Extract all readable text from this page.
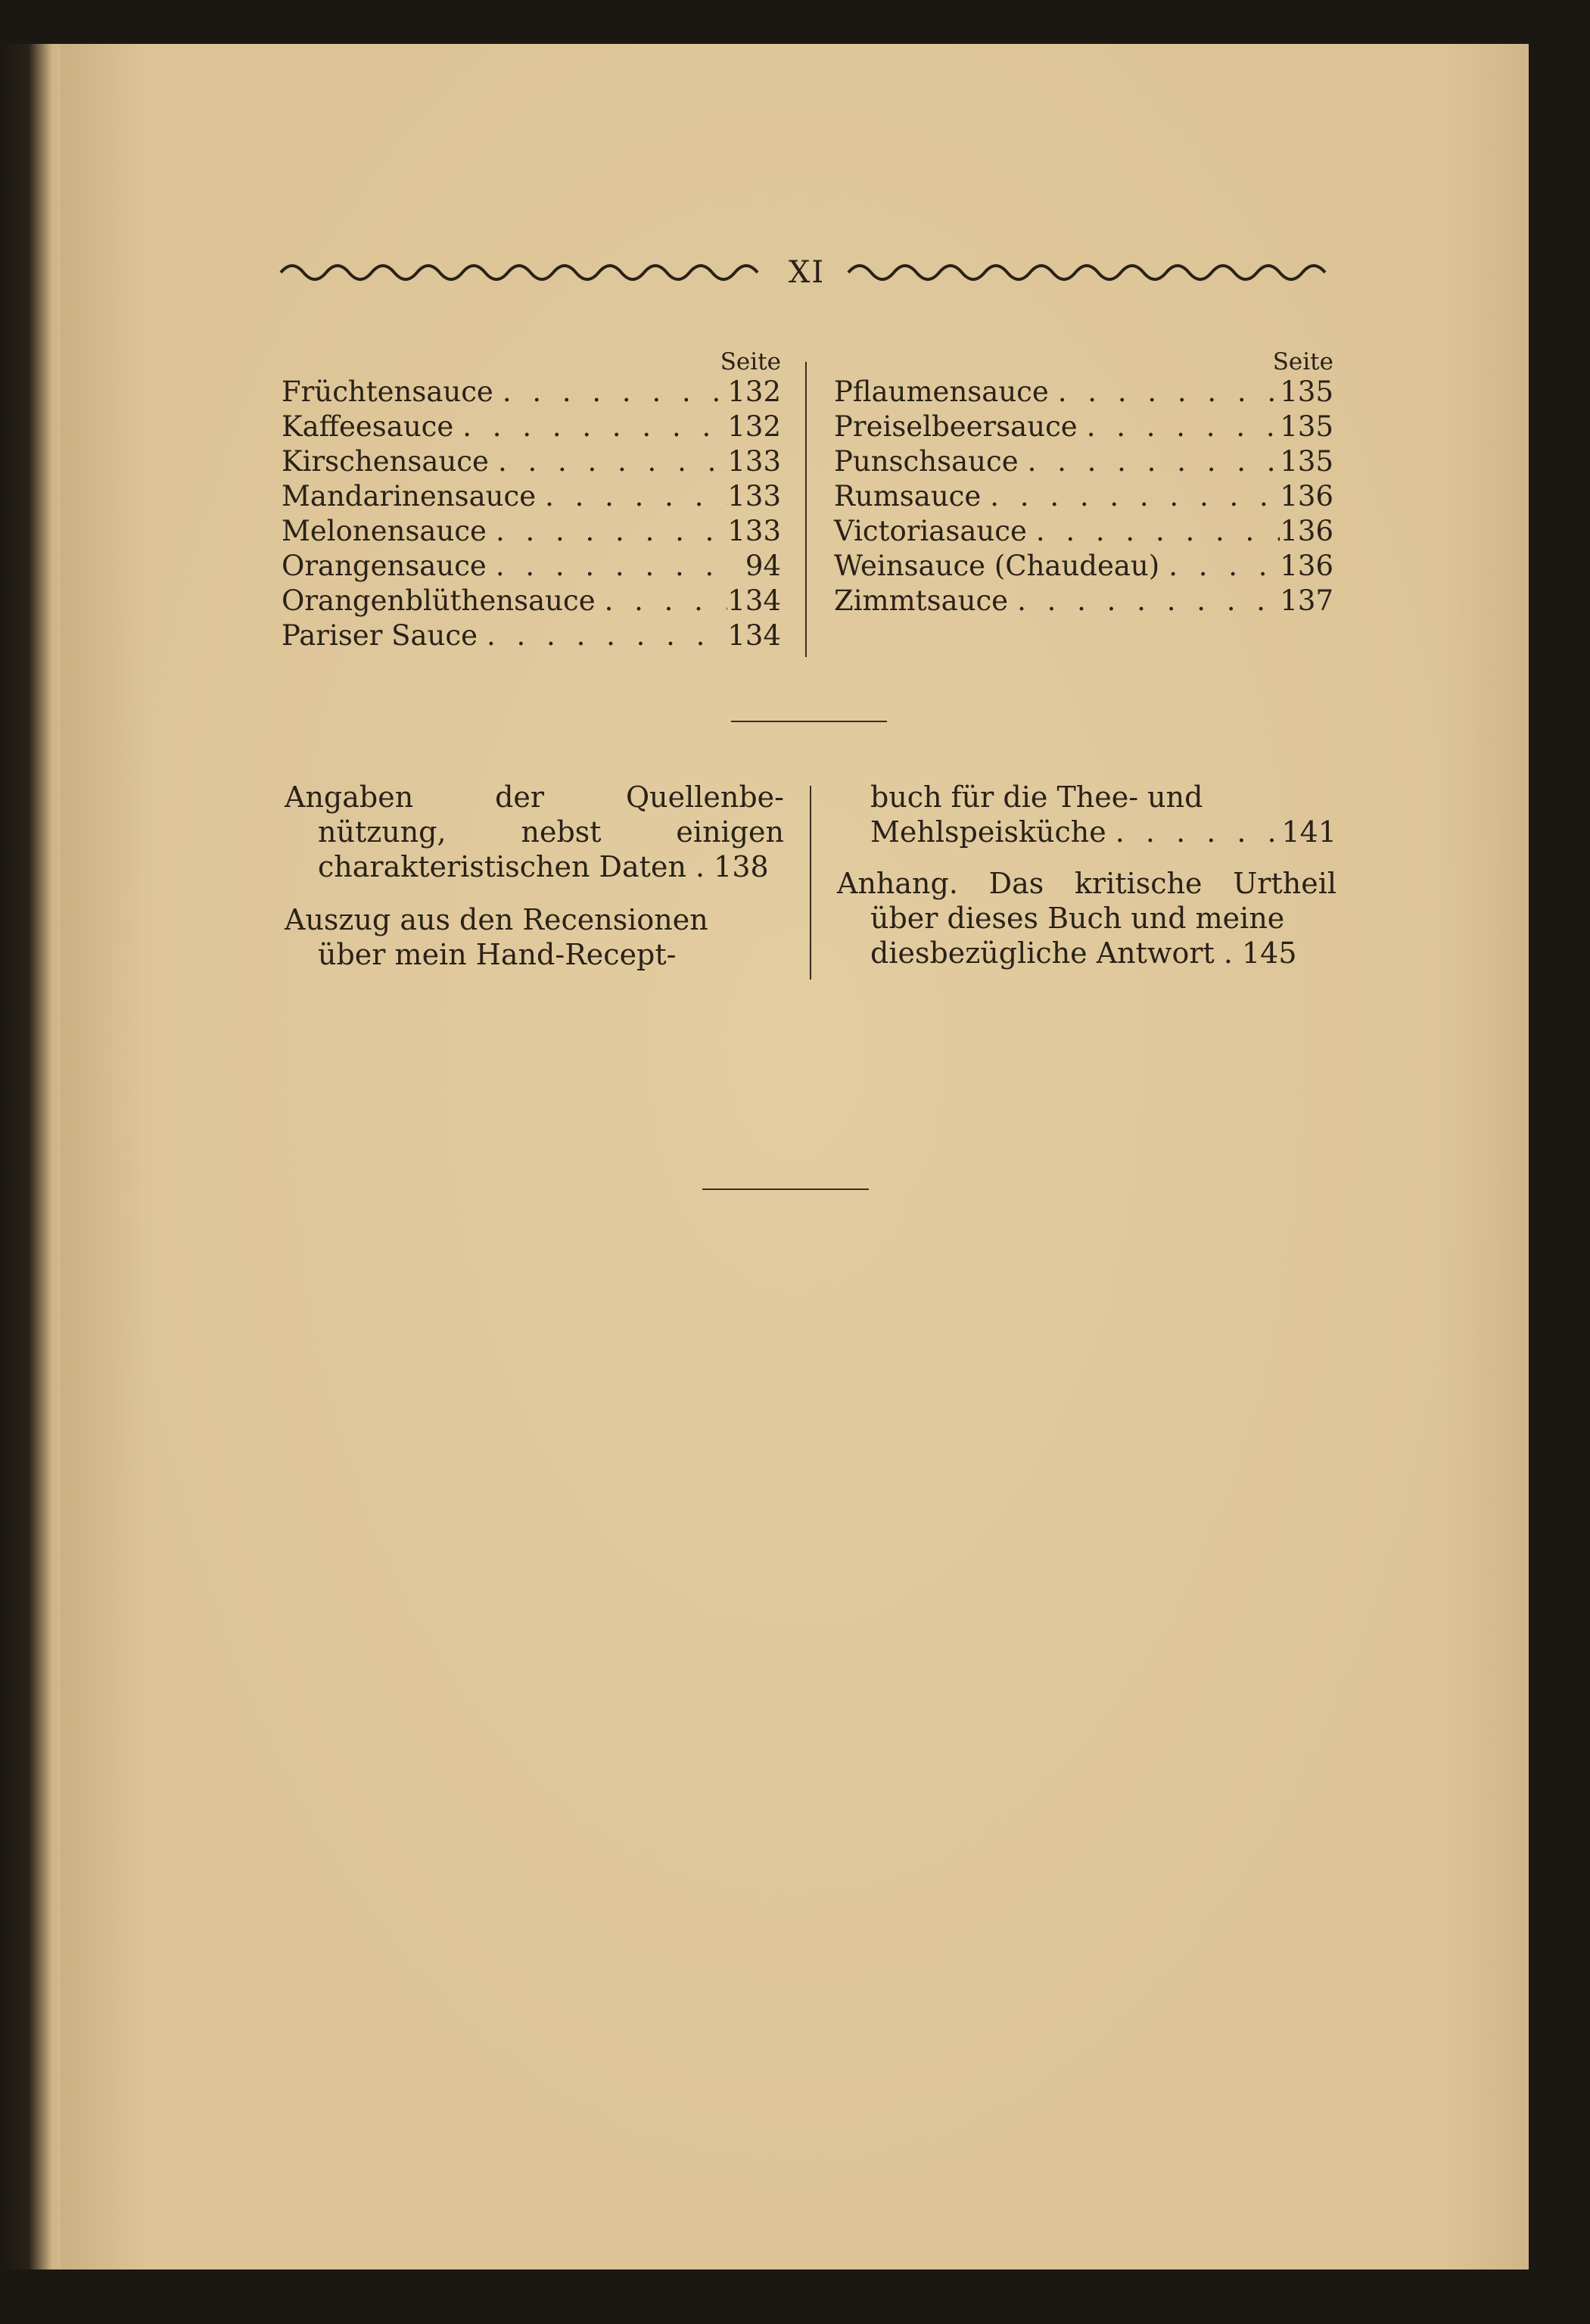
XI
Seite
Früchtensauce . . .	132
Kaffeesauce . . .	132
Kirschensauce . . .	133
Mandarinensauce . . .	133
Melonensauce . . .	133
Orangensauce . . .	94
Orangenblüthensauce . . .	134
Pariser Sauce . . .	134
Seite
Pflaumensauce . . .	135
Preiselbeersauce . . .	135
Punschsauce . . .	135
Rumsauce . . .	136
Victoriasauce . . .	136
Weinsauce (Chaudeau) . . .	136
Zimmtsauce . . .	137
Angaben der Quellenbe-
nützung, nebst einigen
charakteristischen Daten . 138
Auszug aus den Recensionen
über mein Hand-Recept-
buch für die Thee- und
Mehlspeisküche . . .	141
Anhang. Das kritische Urtheil
über dieses Buch und meine
diesbezügliche Antwort . 145
